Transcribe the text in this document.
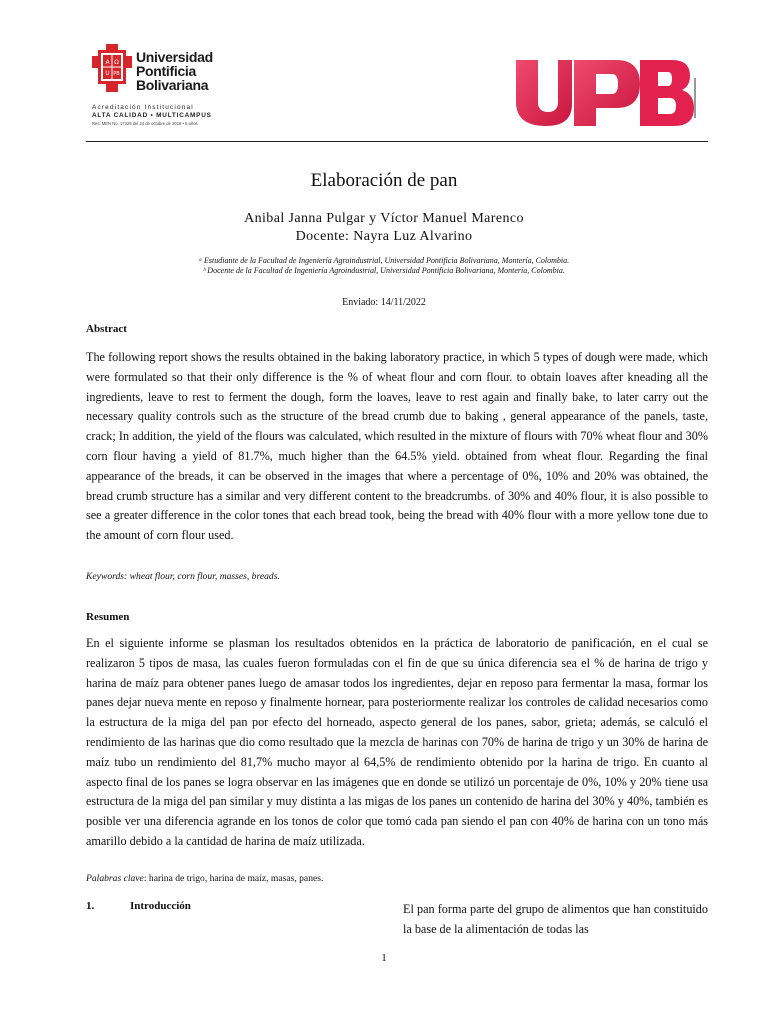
A Ω
U PB
Universidad
Pontificia
Bolivariana
Acreditación Institucional
ALTA CALIDAD • MULTICAMPUS
Res. MEN No. 17228 del 24 de octubre de 2018 • 8 años
Elaboración de pan
Anibal Janna Pulgar y Víctor Manuel Marenco
Docente: Nayra Luz Alvarino
ᵃ Estudiante de la Facultad de Ingeniería Agroindustrial, Universidad Pontificia Bolivariana, Montería, Colombia.
ᵇ Docente de la Facultad de Ingeniería Agroindustrial, Universidad Pontificia Bolivariana, Montería, Colombia.
Enviado: 14/11/2022
Abstract
The following report shows the results obtained in the baking laboratory practice, in which 5 types of dough were made, which were formulated so that their only difference is the % of wheat flour and corn flour. to obtain loaves after kneading all the ingredients, leave to rest to ferment the dough, form the loaves, leave to rest again and finally bake, to later carry out the necessary quality controls such as the structure of the bread crumb due to baking , general appearance of the panels, taste, crack; In addition, the yield of the flours was calculated, which resulted in the mixture of flours with 70% wheat flour and 30% corn flour having a yield of 81.7%, much higher than the 64.5% yield. obtained from wheat flour. Regarding the final appearance of the breads, it can be observed in the images that where a percentage of 0%, 10% and 20% was obtained, the bread crumb structure has a similar and very different content to the breadcrumbs. of 30% and 40% flour, it is also possible to see a greater difference in the color tones that each bread took, being the bread with 40% flour with a more yellow tone due to the amount of corn flour used.
Keywords: wheat flour, corn flour, masses, breads.
Resumen
En el siguiente informe se plasman los resultados obtenidos en la práctica de laboratorio de panificación, en el cual se realizaron 5 tipos de masa, las cuales fueron formuladas con el fin de que su única diferencia sea el % de harina de trigo y harina de maíz para obtener panes luego de amasar todos los ingredientes, dejar en reposo para fermentar la masa, formar los panes dejar nueva mente en reposo y finalmente hornear, para posteriormente realizar los controles de calidad necesarios como la estructura de la miga del pan por efecto del horneado, aspecto general de los panes, sabor, grieta; además, se calculó el rendimiento de las harinas que dio como resultado que la mezcla de harinas con 70% de harina de trigo y un 30% de harina de maíz tubo un rendimiento del 81,7% mucho mayor al 64,5% de rendimiento obtenido por la harina de trigo. En cuanto al aspecto final de los panes se logra observar en las imágenes que en donde se utilizó un porcentaje de 0%, 10% y 20% tiene usa estructura de la miga del pan similar y muy distinta a las migas de los panes un contenido de harina del 30% y 40%, también es posible ver una diferencia agrande en los tonos de color que tomó cada pan siendo el pan con 40% de harina con un tono más amarillo debido a la cantidad de harina de maíz utilizada.
Palabras clave: harina de trigo, harina de maíz, masas, panes.
1.	Introducción	El pan forma parte del grupo de alimentos que han constituido la base de la alimentación de todas las
1
